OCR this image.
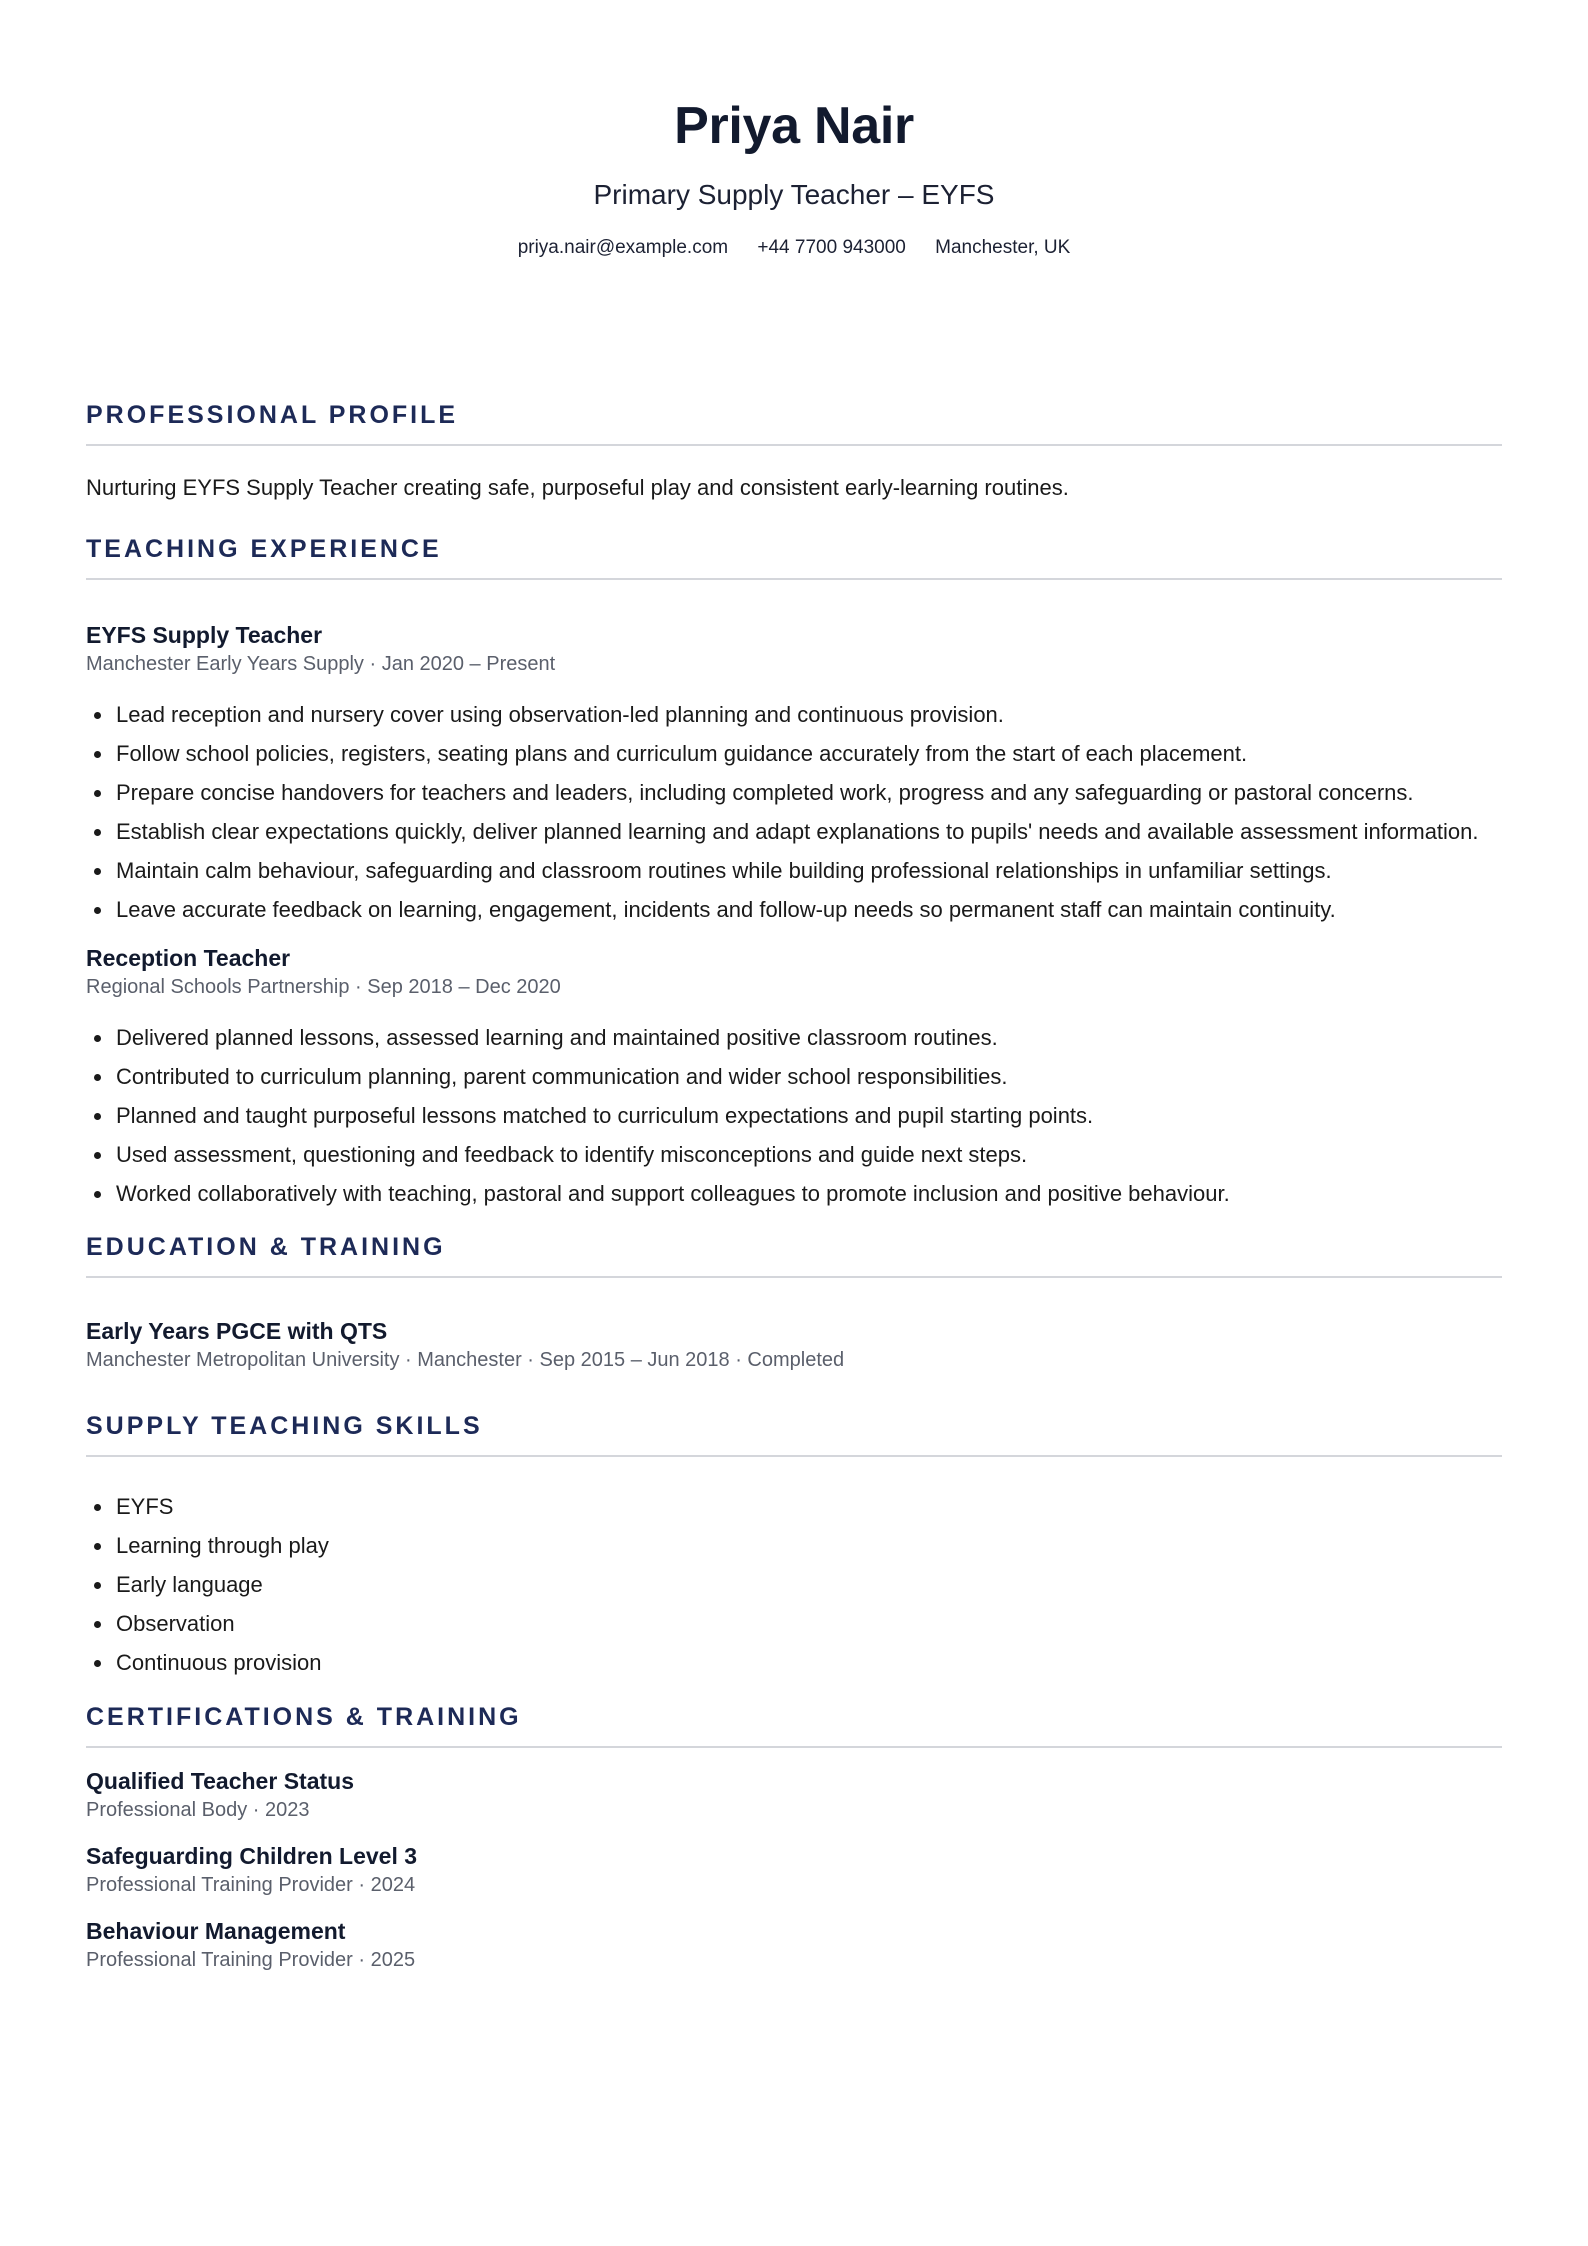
Priya Nair
Primary Supply Teacher – EYFS
priya.nair@example.com +44 7700 943000 Manchester, UK
PROFESSIONAL PROFILE

Nurturing EYFS Supply Teacher creating safe, purposeful play and consistent early-learning routines.

TEACHING EXPERIENCE
EYFS Supply Teacher

Manchester Early Years Supply · Jan 2020 – Present

Lead reception and nursery cover using observation-led planning and continuous provision.
Follow school policies, registers, seating plans and curriculum guidance accurately from the start of each placement.
Prepare concise handovers for teachers and leaders, including completed work, progress and any safeguarding or pastoral concerns.
Establish clear expectations quickly, deliver planned learning and adapt explanations to pupils' needs and available assessment information.
Maintain calm behaviour, safeguarding and classroom routines while building professional relationships in unfamiliar settings.
Leave accurate feedback on learning, engagement, incidents and follow-up needs so permanent staff can maintain continuity.
Reception Teacher

Regional Schools Partnership · Sep 2018 – Dec 2020

Delivered planned lessons, assessed learning and maintained positive classroom routines.
Contributed to curriculum planning, parent communication and wider school responsibilities.
Planned and taught purposeful lessons matched to curriculum expectations and pupil starting points.
Used assessment, questioning and feedback to identify misconceptions and guide next steps.
Worked collaboratively with teaching, pastoral and support colleagues to promote inclusion and positive behaviour.
EDUCATION & TRAINING
Early Years PGCE with QTS

Manchester Metropolitan University · Manchester · Sep 2015 – Jun 2018 · Completed

SUPPLY TEACHING SKILLS
EYFS
Learning through play
Early language
Observation
Continuous provision
CERTIFICATIONS & TRAINING
Qualified Teacher Status

Professional Body · 2023

Safeguarding Children Level 3

Professional Training Provider · 2024

Behaviour Management

Professional Training Provider · 2025
